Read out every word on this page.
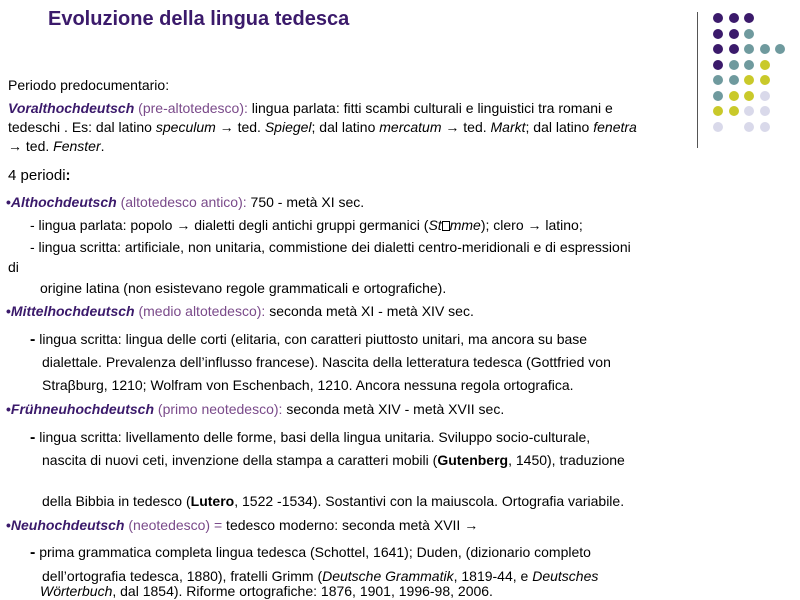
Evoluzione della lingua tedesca
Periodo predocumentario:
Voralthochdeutsch (pre-altotedesco): lingua parlata: fitti scambi culturali e linguistici tra romani e
tedeschi . Es: dal latino speculum → ted. Spiegel; dal latino mercatum → ted. Markt; dal latino fenetra
→ ted. Fenster.
4 periodi:
•Althochdeutsch (altotedesco antico): 750 - metà XI sec.
- lingua parlata: popolo → dialetti degli antichi gruppi germanici (St mme); clero → latino;
- lingua scritta: artificiale, non unitaria, commistione dei dialetti centro-meridionali e di espressioni
di
origine latina (non esistevano regole grammaticali e ortografiche).
•Mittelhochdeutsch (medio altotedesco): seconda metà XI - metà XIV sec.
- lingua scritta: lingua delle corti (elitaria, con caratteri piuttosto unitari, ma ancora su base
dialettale. Prevalenza dell’influsso francese). Nascita della letteratura tedesca (Gottfried von
Straβburg, 1210; Wolfram von Eschenbach, 1210. Ancora nessuna regola ortografica.
•Frühneuhochdeutsch (primo neotedesco): seconda metà XIV - metà XVII sec.
- lingua scritta: livellamento delle forme, basi della lingua unitaria. Sviluppo socio-culturale,
nascita di nuovi ceti, invenzione della stampa a caratteri mobili (Gutenberg, 1450), traduzione
della Bibbia in tedesco (Lutero, 1522 -1534). Sostantivi con la maiuscola. Ortografia variabile.
•Neuhochdeutsch (neotedesco) = tedesco moderno: seconda metà XVII →
- prima grammatica completa lingua tedesca (Schottel, 1641); Duden, (dizionario completo
dell’ortografia tedesca, 1880), fratelli Grimm (Deutsche Grammatik, 1819-44, e Deutsches
Wörterbuch, dal 1854). Riforme ortografiche: 1876, 1901, 1996-98, 2006.
